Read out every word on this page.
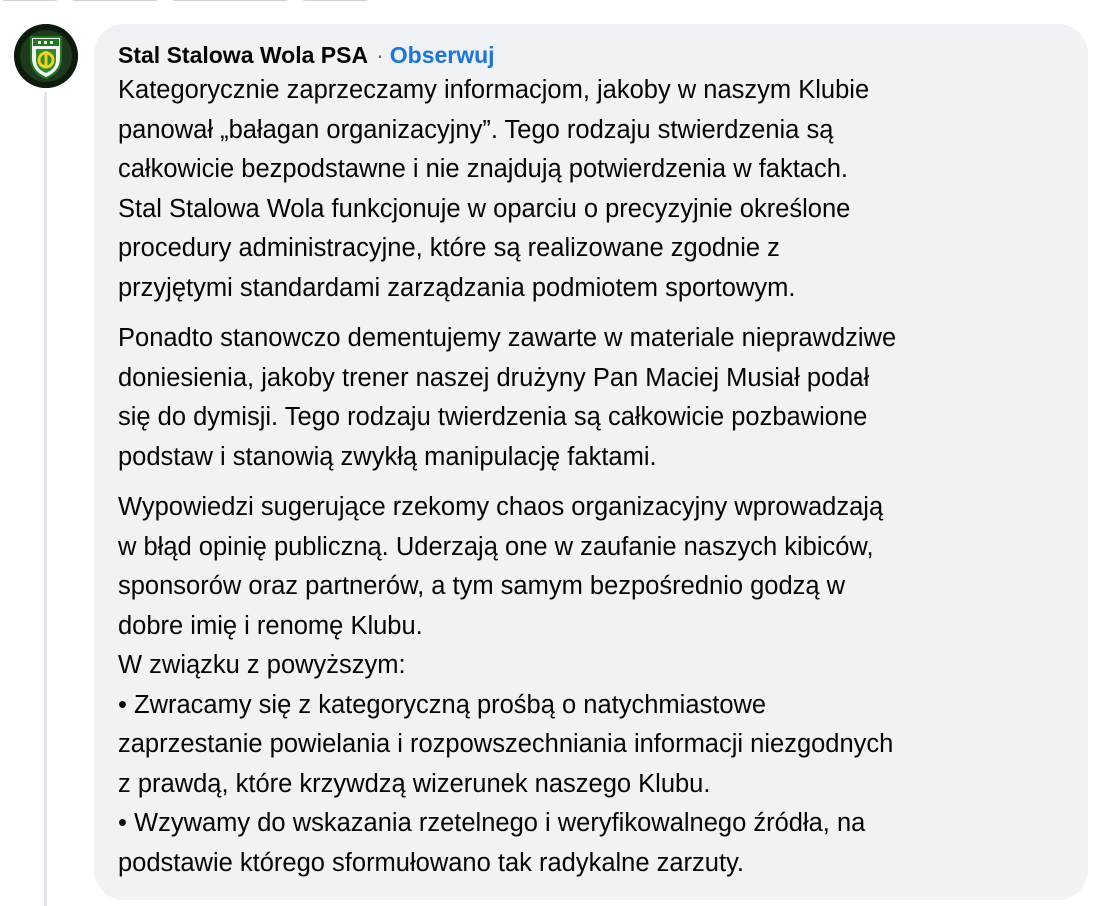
Stal Stalowa Wola PSA · Obserwuj
Kategorycznie zaprzeczamy informacjom, jakoby w naszym Klubie
panował „bałagan organizacyjny”. Tego rodzaju stwierdzenia są
całkowicie bezpodstawne i nie znajdują potwierdzenia w faktach.
Stal Stalowa Wola funkcjonuje w oparciu o precyzyjnie określone
procedury administracyjne, które są realizowane zgodnie z
przyjętymi standardami zarządzania podmiotem sportowym.
Ponadto stanowczo dementujemy zawarte w materiale nieprawdziwe
doniesienia, jakoby trener naszej drużyny Pan Maciej Musiał podał
się do dymisji. Tego rodzaju twierdzenia są całkowicie pozbawione
podstaw i stanowią zwykłą manipulację faktami.
Wypowiedzi sugerujące rzekomy chaos organizacyjny wprowadzają
w błąd opinię publiczną. Uderzają one w zaufanie naszych kibiców,
sponsorów oraz partnerów, a tym samym bezpośrednio godzą w
dobre imię i renomę Klubu.
W związku z powyższym:
• Zwracamy się z kategoryczną prośbą o natychmiastowe
zaprzestanie powielania i rozpowszechniania informacji niezgodnych
z prawdą, które krzywdzą wizerunek naszego Klubu.
• Wzywamy do wskazania rzetelnego i weryfikowalnego źródła, na
podstawie którego sformułowano tak radykalne zarzuty.
